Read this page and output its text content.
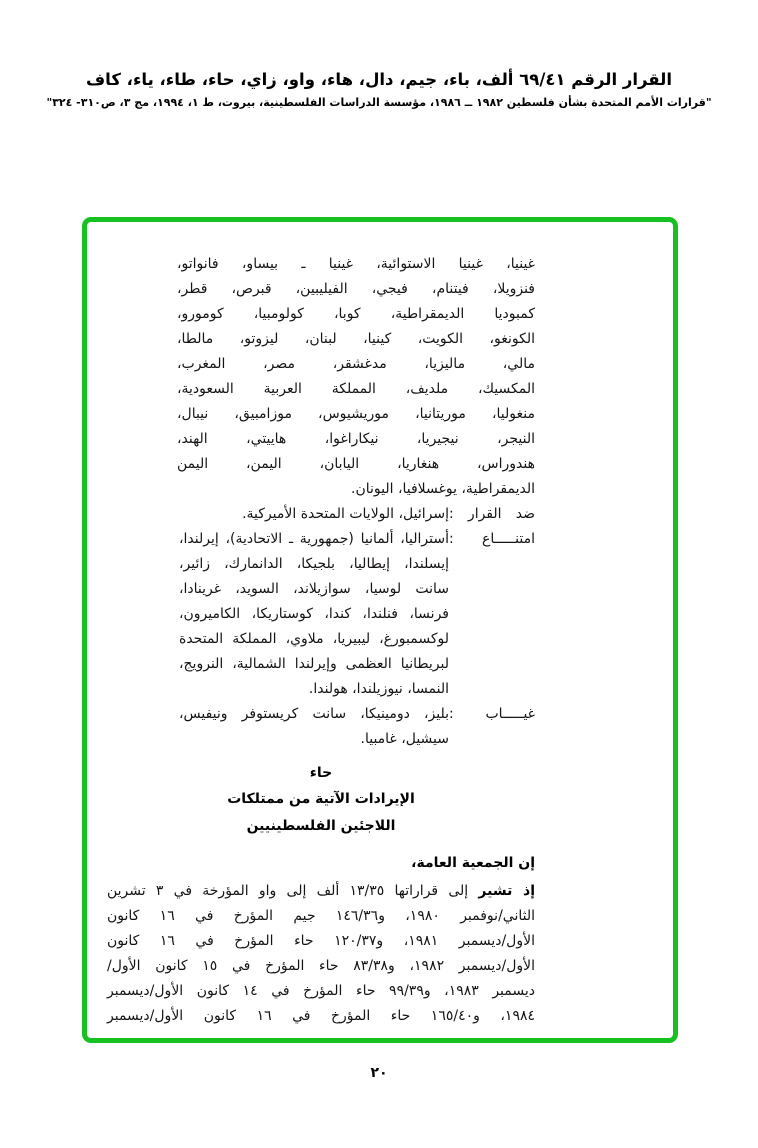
القرار الرقم ٦٩/٤١ ألف، باء، جيم، دال، هاء، واو، زاي، حاء، طاء، ياء، كاف
"قرارات الأمم المتحدة بشأن فلسطين ١٩٨٢ ــ ١٩٨٦، مؤسسة الدراسات الفلسطينية، بيروت، ط ١، ١٩٩٤، مج ٣، ص٣١٠- ٣٢٤"
غينيا، غينيا الاستوائية، غينيا ـ بيساو، فانواتو،
فنزويلا، فيتنام، فيجي، الفيليبين، قبرص، قطر،
كمبوديا الديمقراطية، كوبا، كولومبيا، كومورو،
الكونغو، الكويت، كينيا، لبنان، ليزوتو، مالطا،
مالي، ماليزيا، مدغشقر، مصر، المغرب،
المكسيك، ملديف، المملكة العربية السعودية،
منغوليا، موريتانيا، موريشيوس، موزامبيق، نيبال،
النيجر، نيجيريا، نيكاراغوا، هاييتي، الهند،
هندوراس، هنغاريا، اليابان، اليمن، اليمن
الديمقراطية، يوغسلافيا، اليونان.
ضد القرار :
إسرائيل، الولايات المتحدة الأميركية.
امتنـــــاع :
أستراليا، ألمانيا (جمهورية ـ الاتحادية)، إيرلندا،
إيسلندا، إيطاليا، بلجيكا، الدانمارك، زائير،
سانت لوسيا، سوازيلاند، السويد، غرينادا،
فرنسا، فنلندا، كندا، كوستاريكا، الكاميرون،
لوكسمبورغ، ليبيريا، ملاوي، المملكة المتحدة
لبريطانيا العظمى وإيرلندا الشمالية، النرويج،
النمسا، نيوزيلندا، هولندا.
غيـــــاب :
بليز، دومينيكا، سانت كريستوفر ونيفيس،
سيشيل، غامبيا.
حاء
الإيرادات الآتية من ممتلكات
اللاجئين الفلسطينيين
إن الجمعية العامة،
إذ تشير إلى قراراتها ١٣/٣٥ ألف إلى واو المؤرخة في ٣ تشرين
الثاني/نوفمبر ١٩٨٠، و١٤٦/٣٦ جيم المؤرخ في ١٦ كانون
الأول/ديسمبر ١٩٨١، و١٢٠/٣٧ حاء المؤرخ في ١٦ كانون
الأول/ديسمبر ١٩٨٢، و٨٣/٣٨ حاء المؤرخ في ١٥ كانون الأول/
ديسمبر ١٩٨٣، و٩٩/٣٩ حاء المؤرخ في ١٤ كانون الأول/ديسمبر
١٩٨٤، و١٦٥/٤٠ حاء المؤرخ في ١٦ كانون الأول/ديسمبر
٢٠
